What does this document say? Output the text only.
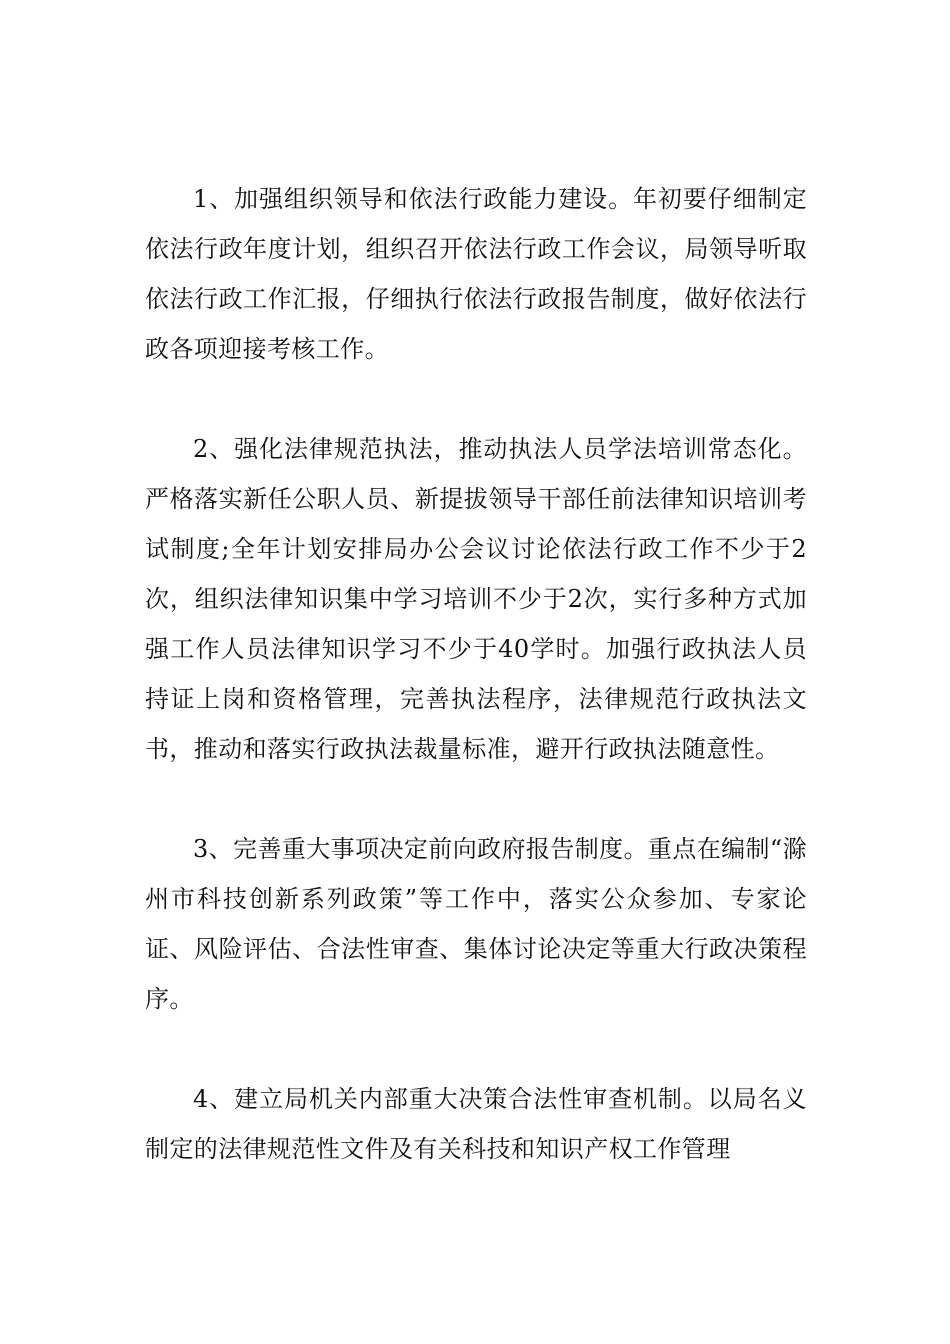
1、加强组织领导和依法行政能力建设。年初要仔细制定依法行政年度计划，组织召开依法行政工作会议，局领导听取依法行政工作汇报，仔细执行依法行政报告制度，做好依法行政各项迎接考核工作。

2、强化法律规范执法，推动执法人员学法培训常态化。严格落实新任公职人员、新提拔领导干部任前法律知识培训考试制度;全年计划安排局办公会议讨论依法行政工作不少于2次，组织法律知识集中学习培训不少于2次，实行多种方式加强工作人员法律知识学习不少于40学时。加强行政执法人员持证上岗和资格管理，完善执法程序，法律规范行政执法文书，推动和落实行政执法裁量标准，避开行政执法随意性。

3、完善重大事项决定前向政府报告制度。重点在编制“滁州市科技创新系列政策”等工作中，落实公众参加、专家论证、风险评估、合法性审查、集体讨论决定等重大行政决策程序。

4、建立局机关内部重大决策合法性审查机制。以局名义制定的法律规范性文件及有关科技和知识产权工作管理
